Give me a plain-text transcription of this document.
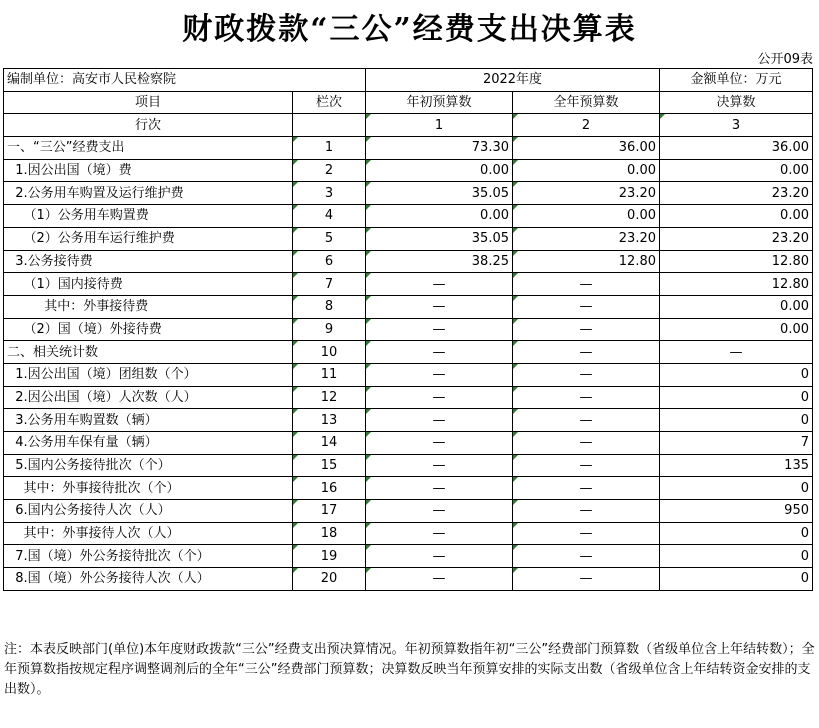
财政拨款“三公”经费支出决算表
公开09表
编制单位：高安市人民检察院		2022年度		金额单位：万元
项目	栏次	年初预算数	全年预算数	决算数
行次		1	2	3
一、“三公”经费支出	1	73.30	36.00	36.00
1.因公出国（境）费	2	0.00	0.00	0.00
2.公务用车购置及运行维护费	3	35.05	23.20	23.20
（1）公务用车购置费	4	0.00	0.00	0.00
（2）公务用车运行维护费	5	35.05	23.20	23.20
3.公务接待费	6	38.25	12.80	12.80
（1）国内接待费	7	—	—	12.80
其中：外事接待费	8	—	—	0.00
（2）国（境）外接待费	9	—	—	0.00
二、相关统计数	10	—	—	—
1.因公出国（境）团组数（个）	11	—	—	0
2.因公出国（境）人次数（人）	12	—	—	0
3.公务用车购置数（辆）	13	—	—	0
4.公务用车保有量（辆）	14	—	—	7
5.国内公务接待批次（个）	15	—	—	135
其中：外事接待批次（个）	16	—	—	0
6.国内公务接待人次（人）	17	—	—	950
其中：外事接待人次（人）	18	—	—	0
7.国（境）外公务接待批次（个）	19	—	—	0
8.国（境）外公务接待人次（人）	20	—	—	0
注：本表反映部门(单位)本年度财政拨款“三公”经费支出预决算情况。年初预算数指年初“三公”经费部门预算数（省级单位含上年结转数）；全年预算数指按规定程序调整调剂后的全年“三公”经费部门预算数；决算数反映当年预算安排的实际支出数（省级单位含上年结转资金安排的支出数）。
